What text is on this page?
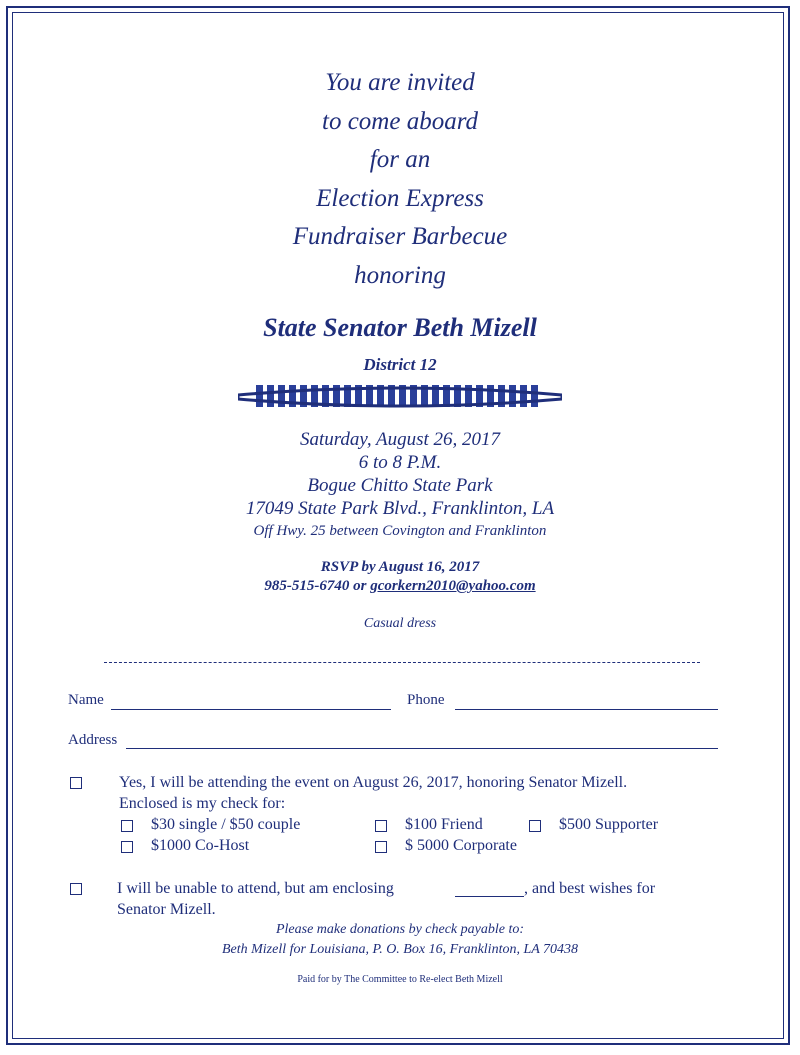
You are invited
to come aboard
for an
Election Express
Fundraiser Barbecue
honoring
State Senator Beth Mizell
District 12
Saturday, August 26, 2017
6 to 8 P.M.
Bogue Chitto State Park
17049 State Park Blvd., Franklinton, LA
Off Hwy. 25 between Covington and Franklinton
RSVP by August 16, 2017
985-515-6740 or gcorkern2010@yahoo.com
Casual dress
Name	Phone
Address
Yes, I will be attending the event on August 26, 2017, honoring Senator Mizell.
Enclosed is my check for:
$30 single / $50 couple	$100 Friend	$500 Supporter
$1000 Co-Host	$ 5000 Corporate
I will be unable to attend, but am enclosing	, and best wishes for
Senator Mizell.
Please make donations by check payable to:
Beth Mizell for Louisiana, P. O. Box 16, Franklinton, LA 70438
Paid for by The Committee to Re-elect Beth Mizell
